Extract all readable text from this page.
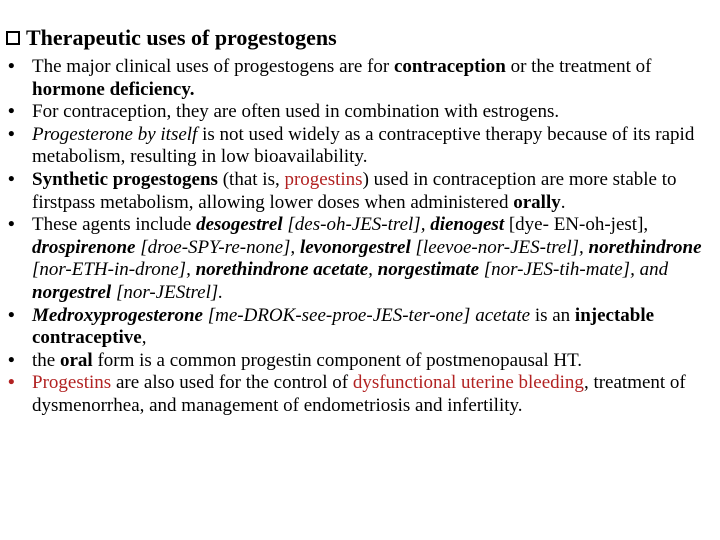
Therapeutic uses of progestogens
• The major clinical uses of progestogens are for contraception or the treatment of hormone deficiency.
• For contraception, they are often used in combination with estrogens.
• Progesterone by itself is not used widely as a contraceptive therapy because of its rapid metabolism, resulting in low bioavailability.
• Synthetic progestogens (that is, progestins) used in contraception are more stable to firstpass metabolism, allowing lower doses when administered orally.
• These agents include desogestrel [des-oh-JES-trel], dienogest [dye- EN-oh-jest], drospirenone [droe-SPY-re-none], levonorgestrel [leevoe-nor-JES-trel], norethindrone [nor-ETH-in-drone], norethindrone acetate, norgestimate [nor-JES-tih-mate], and norgestrel [nor-JEStrel].
• Medroxyprogesterone [me-DROK-see-proe-JES-ter-one] acetate is an injectable contraceptive,
• the oral form is a common progestin component of postmenopausal HT.
• Progestins are also used for the control of dysfunctional uterine bleeding, treatment of dysmenorrhea, and management of endometriosis and infertility.
